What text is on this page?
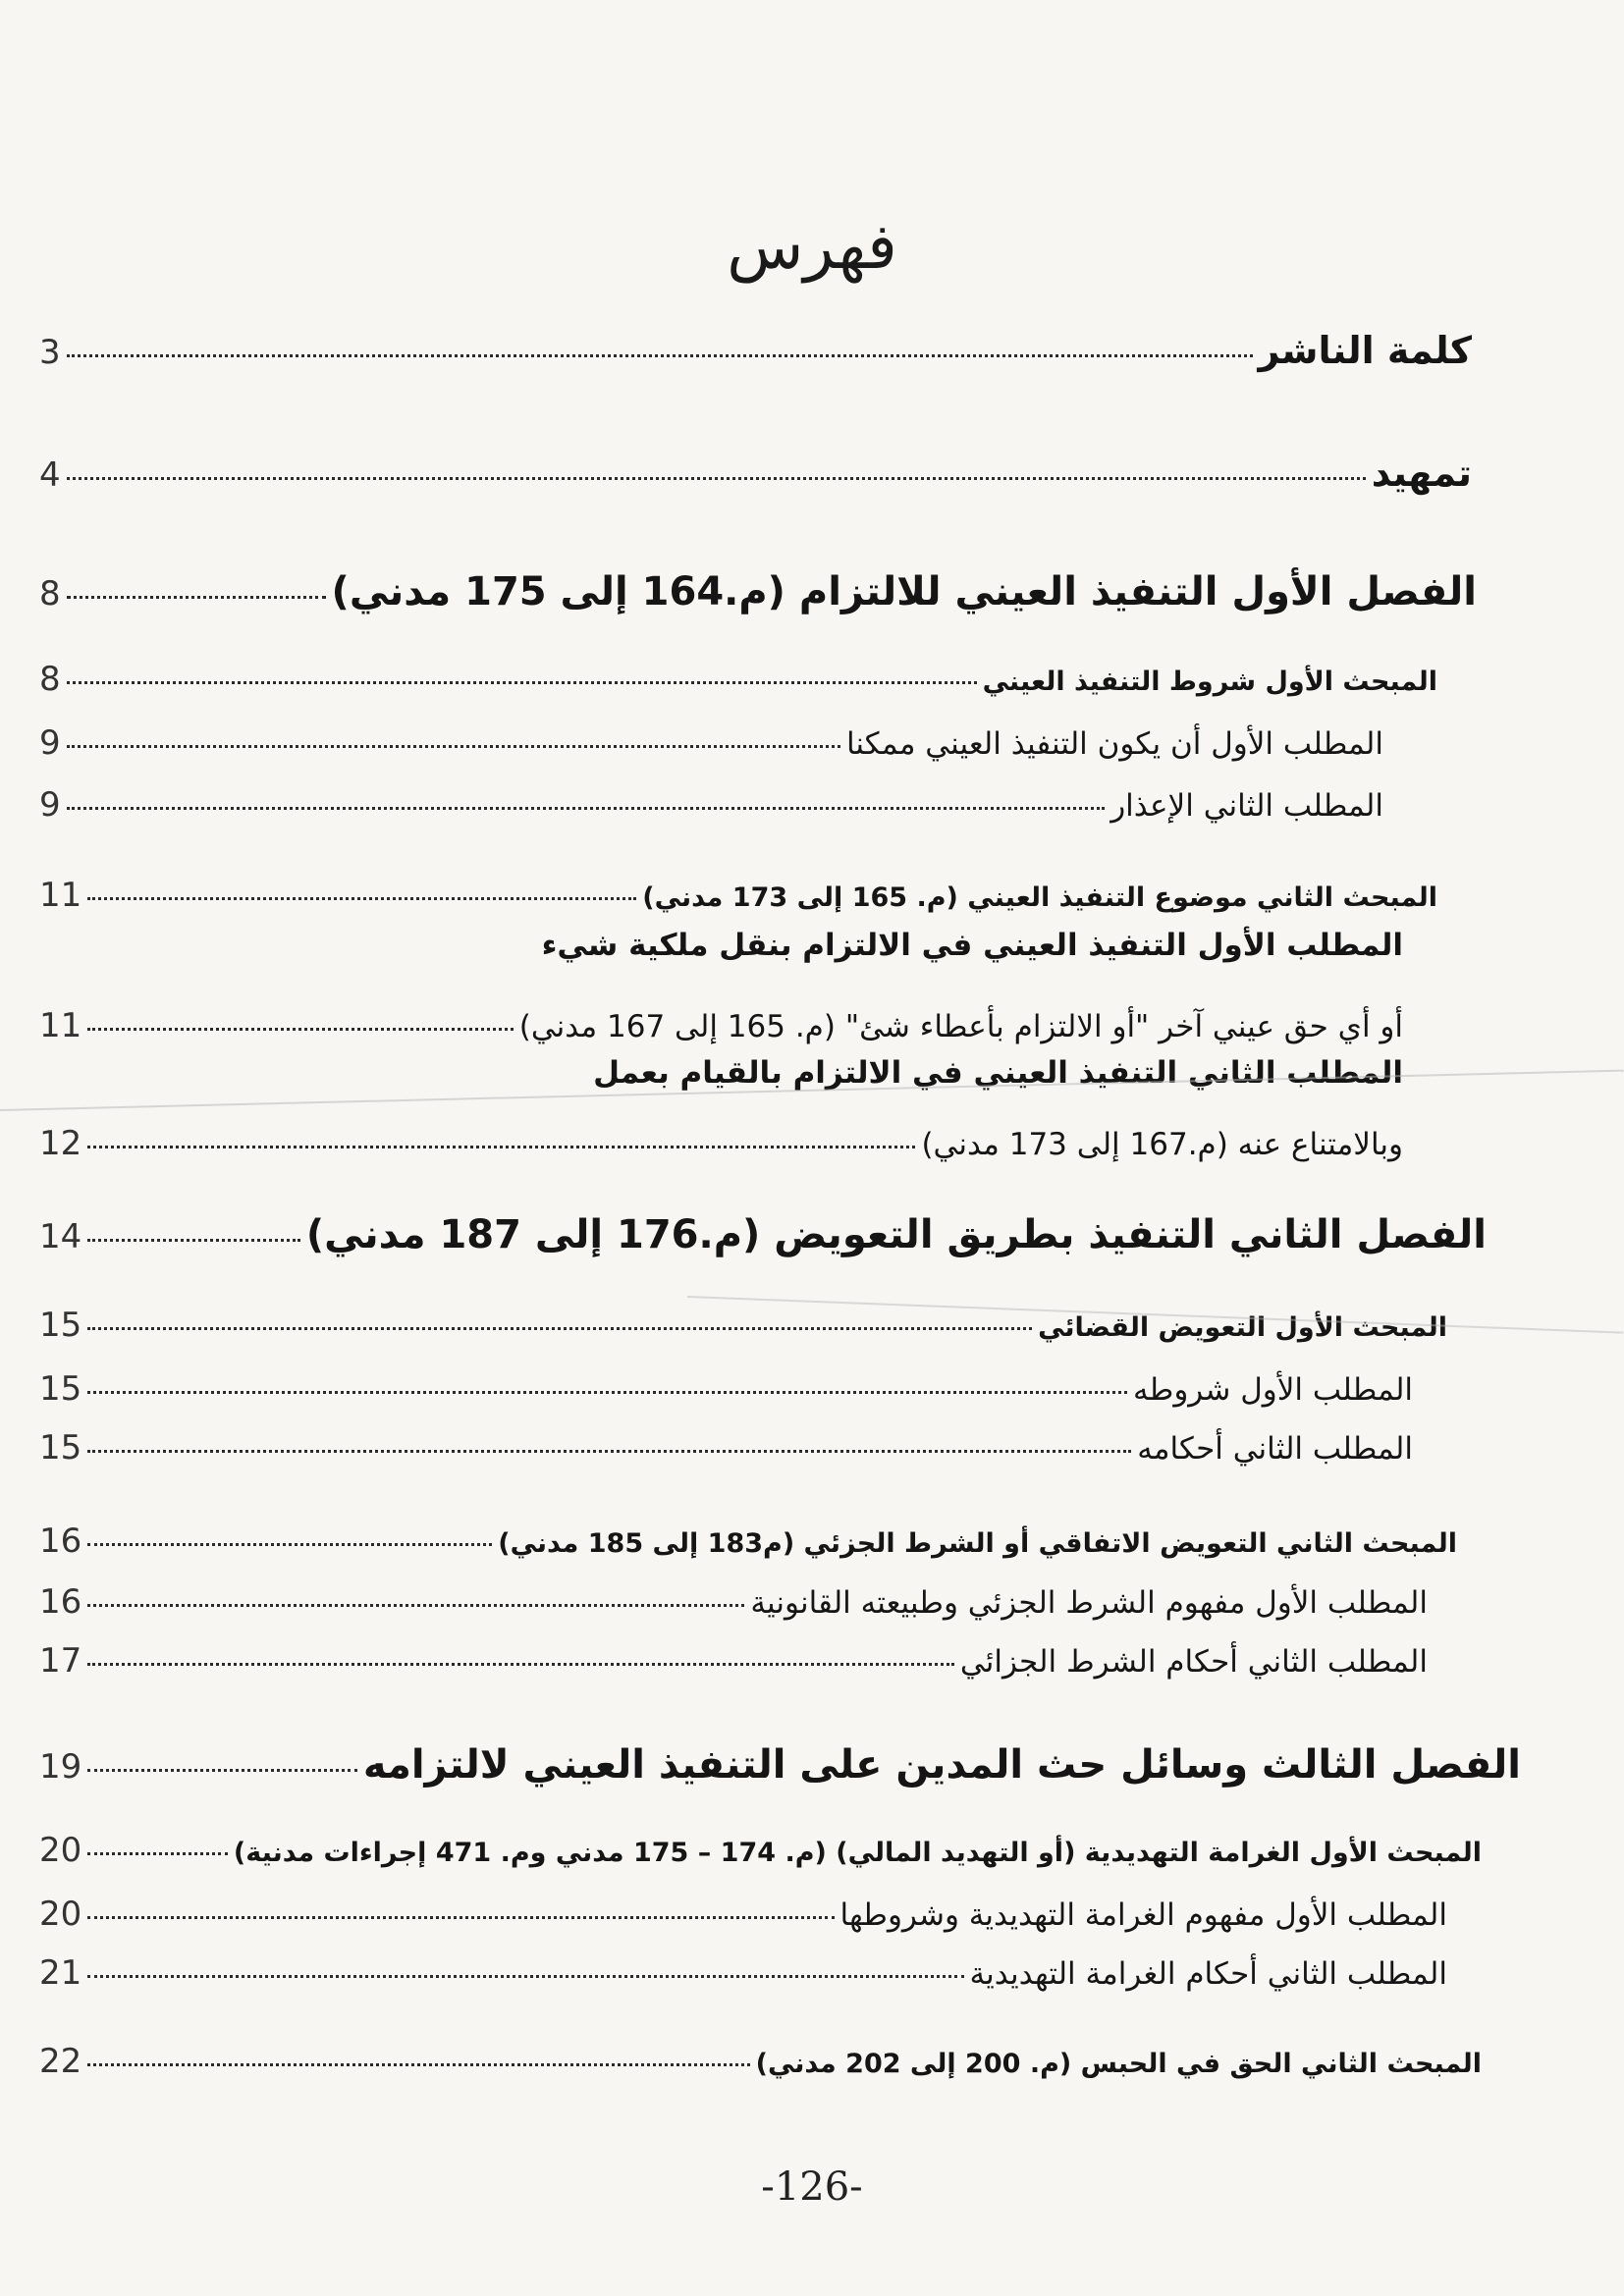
فهرس
كلمة الناشر
3
تمهيد
4
الفصل الأول التنفيذ العيني للالتزام (م.164 إلى 175 مدني)
8
المبحث الأول شروط التنفيذ العيني
8
المطلب الأول أن يكون التنفيذ العيني ممكنا
9
المطلب الثاني الإعذار
9
المبحث الثاني موضوع التنفيذ العيني (م. 165 إلى 173 مدني)
11
المطلب الأول التنفيذ العيني في الالتزام بنقل ملكية شيء
أو أي حق عيني آخر "أو الالتزام بأعطاء شئ" (م. 165 إلى 167 مدني)
11
المطلب الثاني التنفيذ العيني في الالتزام بالقيام بعمل
وبالامتناع عنه (م.167 إلى 173 مدني)
12
الفصل الثاني التنفيذ بطريق التعويض (م.176 إلى 187 مدني)
14
المبحث الأول التعويض القضائي
15
المطلب الأول شروطه
15
المطلب الثاني أحكامه
15
المبحث الثاني التعويض الاتفاقي أو الشرط الجزئي (م183 إلى 185 مدني)
16
المطلب الأول مفهوم الشرط الجزئي وطبيعته القانونية
16
المطلب الثاني أحكام الشرط الجزائي
17
الفصل الثالث وسائل حث المدين على التنفيذ العيني لالتزامه
19
المبحث الأول الغرامة التهديدية (أو التهديد المالي) (م. 174 – 175 مدني وم. 471 إجراءات مدنية)
20
المطلب الأول مفهوم الغرامة التهديدية وشروطها
20
المطلب الثاني أحكام الغرامة التهديدية
21
المبحث الثاني الحق في الحبس (م. 200 إلى 202 مدني)
22
-126-
